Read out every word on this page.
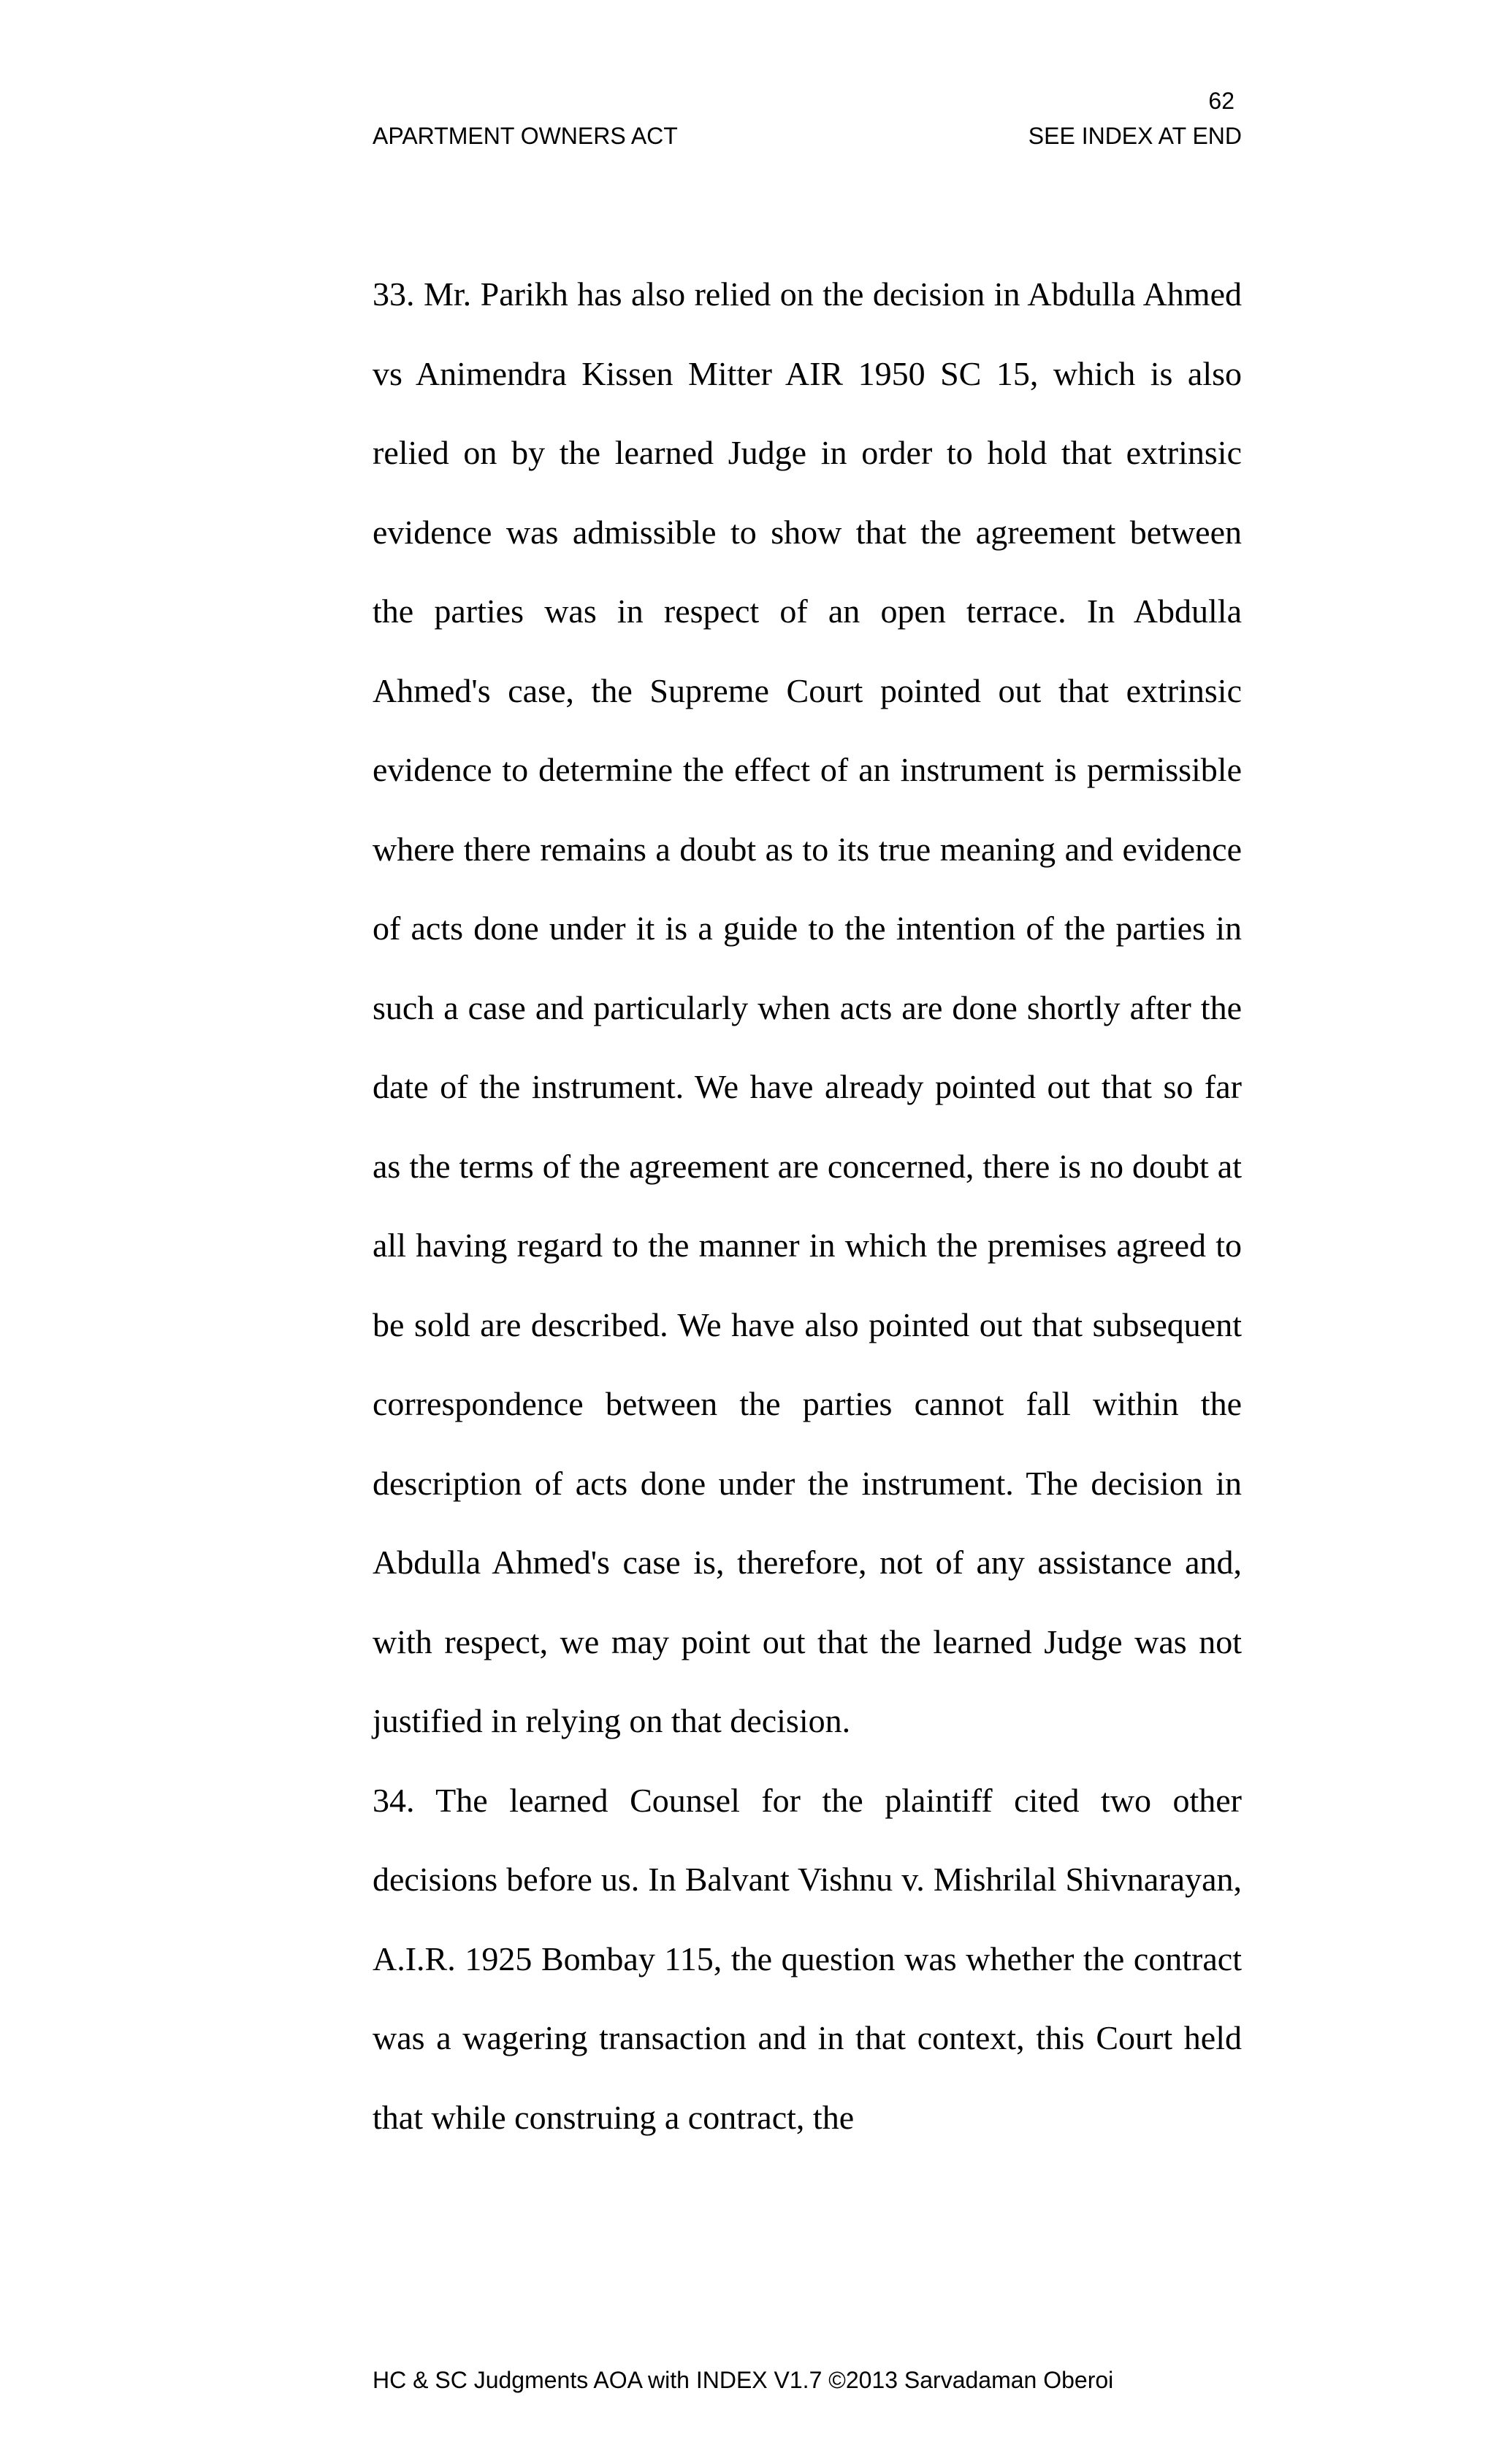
62
APARTMENT OWNERS ACT	SEE INDEX AT END

33. Mr. Parikh has also relied on the decision in Abdulla Ahmed vs Animendra Kissen Mitter AIR 1950 SC 15, which is also relied on by the learned Judge in order to hold that extrinsic evidence was admissible to show that the agreement between the parties was in respect of an open terrace. In Abdulla Ahmed's case, the Supreme Court pointed out that extrinsic evidence to determine the effect of an instrument is permissible where there remains a doubt as to its true meaning and evidence of acts done under it is a guide to the intention of the parties in such a case and particularly when acts are done shortly after the date of the instrument. We have already pointed out that so far as the terms of the agreement are concerned, there is no doubt at all having regard to the manner in which the premises agreed to be sold are described. We have also pointed out that subsequent correspondence between the parties cannot fall within the description of acts done under the instrument. The decision in Abdulla Ahmed's case is, therefore, not of any assistance and, with respect, we may point out that the learned Judge was not justified in relying on that decision.

34. The learned Counsel for the plaintiff cited two other decisions before us. In Balvant Vishnu v. Mishrilal Shivnarayan, A.I.R. 1925 Bombay 115, the question was whether the contract was a wagering transaction and in that context, this Court held that while construing a contract, the

HC & SC Judgments AOA with INDEX V1.7 ©2013 Sarvadaman Oberoi
